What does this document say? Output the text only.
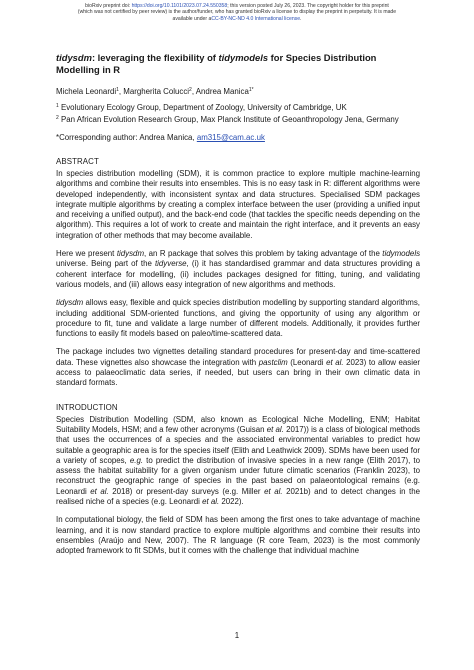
bioRxiv preprint doi: https://doi.org/10.1101/2023.07.24.550358; this version posted July 26, 2023. The copyright holder for this preprint
(which was not certified by peer review) is the author/funder, who has granted bioRxiv a license to display the preprint in perpetuity. It is made
available under aCC-BY-NC-ND 4.0 International license.
tidysdm: leveraging the flexibility of tidymodels for Species Distribution Modelling in R
Michela Leonardi$^1$, Margherita Colucci$^2$, Andrea Manica$^{1*}$

$^1$ Evolutionary Ecology Group, Department of Zoology, University of Cambridge, UK

$^2$ Pan African Evolution Research Group, Max Planck Institute of Geoanthropology Jena, Germany

*Corresponding author: Andrea Manica, am315@cam.ac.uk
ABSTRACT

In species distribution modelling (SDM), it is common practice to explore multiple machine-learning algorithms and combine their results into ensembles. This is no easy task in R: different algorithms were developed independently, with inconsistent syntax and data structures. Specialised SDM packages integrate multiple algorithms by creating a complex interface between the user (providing a unified input and receiving a unified output), and the back-end code (that tackles the specific needs depending on the algorithm). This requires a lot of work to create and maintain the right interface, and it prevents an easy integration of other methods that may become available.

Here we present tidysdm, an R package that solves this problem by taking advantage of the tidymodels universe. Being part of the tidyverse, (i) it has standardised grammar and data structures providing a coherent interface for modelling, (ii) includes packages designed for fitting, tuning, and validating various models, and (iii) allows easy integration of new algorithms and methods.

tidysdm allows easy, flexible and quick species distribution modelling by supporting standard algorithms, including additional SDM-oriented functions, and giving the opportunity of using any algorithm or procedure to fit, tune and validate a large number of different models. Additionally, it provides further functions to easily fit models based on paleo/time-scattered data.

The package includes two vignettes detailing standard procedures for present-day and time-scattered data. These vignettes also showcase the integration with pastclim (Leonardi et al. 2023) to allow easier access to palaeoclimatic data series, if needed, but users can bring in their own climatic data in standard formats.

INTRODUCTION

Species Distribution Modelling (SDM, also known as Ecological Niche Modelling, ENM; Habitat Suitability Models, HSM; and a few other acronyms (Guisan et al. 2017)) is a class of biological methods that uses the occurrences of a species and the associated environmental variables to predict how suitable a geographic area is for the species itself (Elith and Leathwick 2009). SDMs have been used for a variety of scopes, e.g. to predict the distribution of invasive species in a new range (Elith 2017), to assess the habitat suitability for a given organism under future climatic scenarios (Franklin 2023), to reconstruct the geographic range of species in the past based on palaeontological remains (e.g. Leonardi et al. 2018) or present-day surveys (e.g. Miller et al. 2021b) and to detect changes in the realised niche of a species (e.g. Leonardi et al. 2022).

In computational biology, the field of SDM has been among the first ones to take advantage of machine learning, and it is now standard practice to explore multiple algorithms and combine their results into ensembles (Araújo and New, 2007). The R language (R core Team, 2023) is the most commonly adopted framework to fit SDMs, but it comes with the challenge that individual machine

1
